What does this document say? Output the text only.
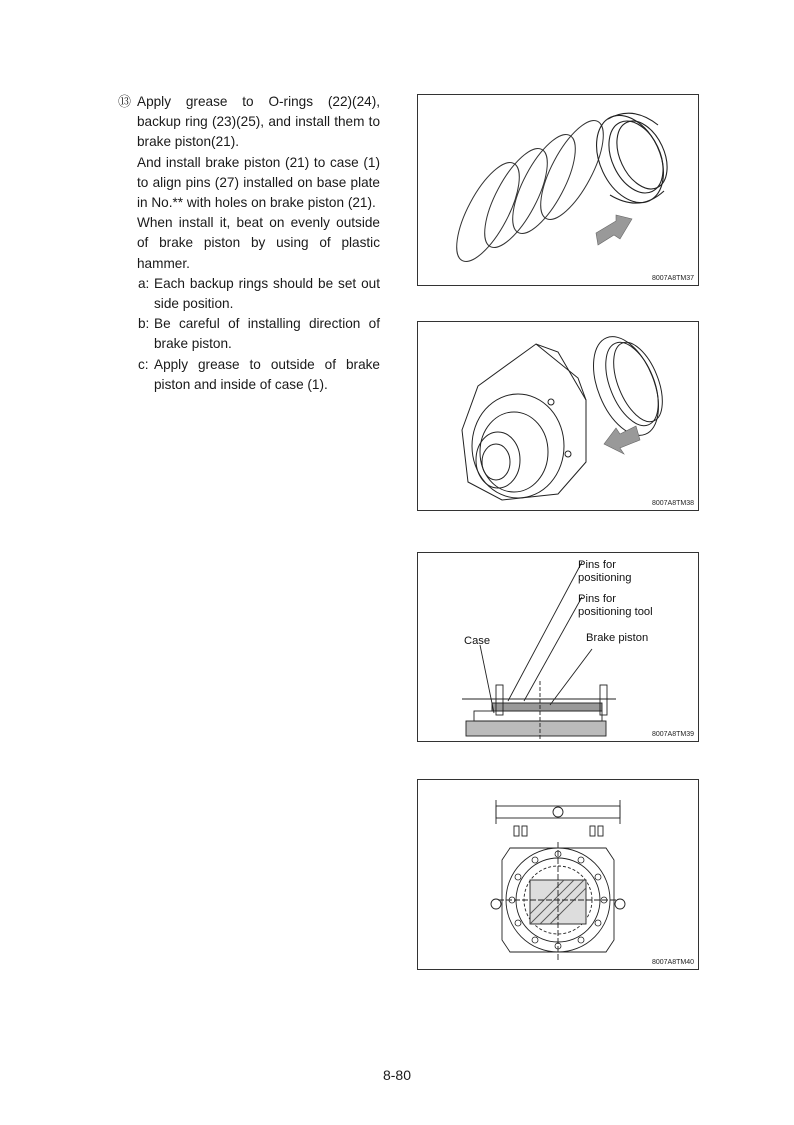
⑬ Apply grease to O-rings (22)(24), backup ring (23)(25), and install them to brake piston(21).

And install brake piston (21) to case (1) to align pins (27) installed on base plate in No.** with holes on brake piston (21).

When install it, beat on evenly outside of brake piston by using of plastic hammer.

a: Each backup rings should be set out side position.
b: Be careful of installing direction of brake piston.
c: Apply grease to outside of brake piston and inside of case (1).
8007A8TM37
8007A8TM38
Pins for
positioning
Pins for
positioning tool
Brake piston
Case
8007A8TM39
8007A8TM40
8-80
